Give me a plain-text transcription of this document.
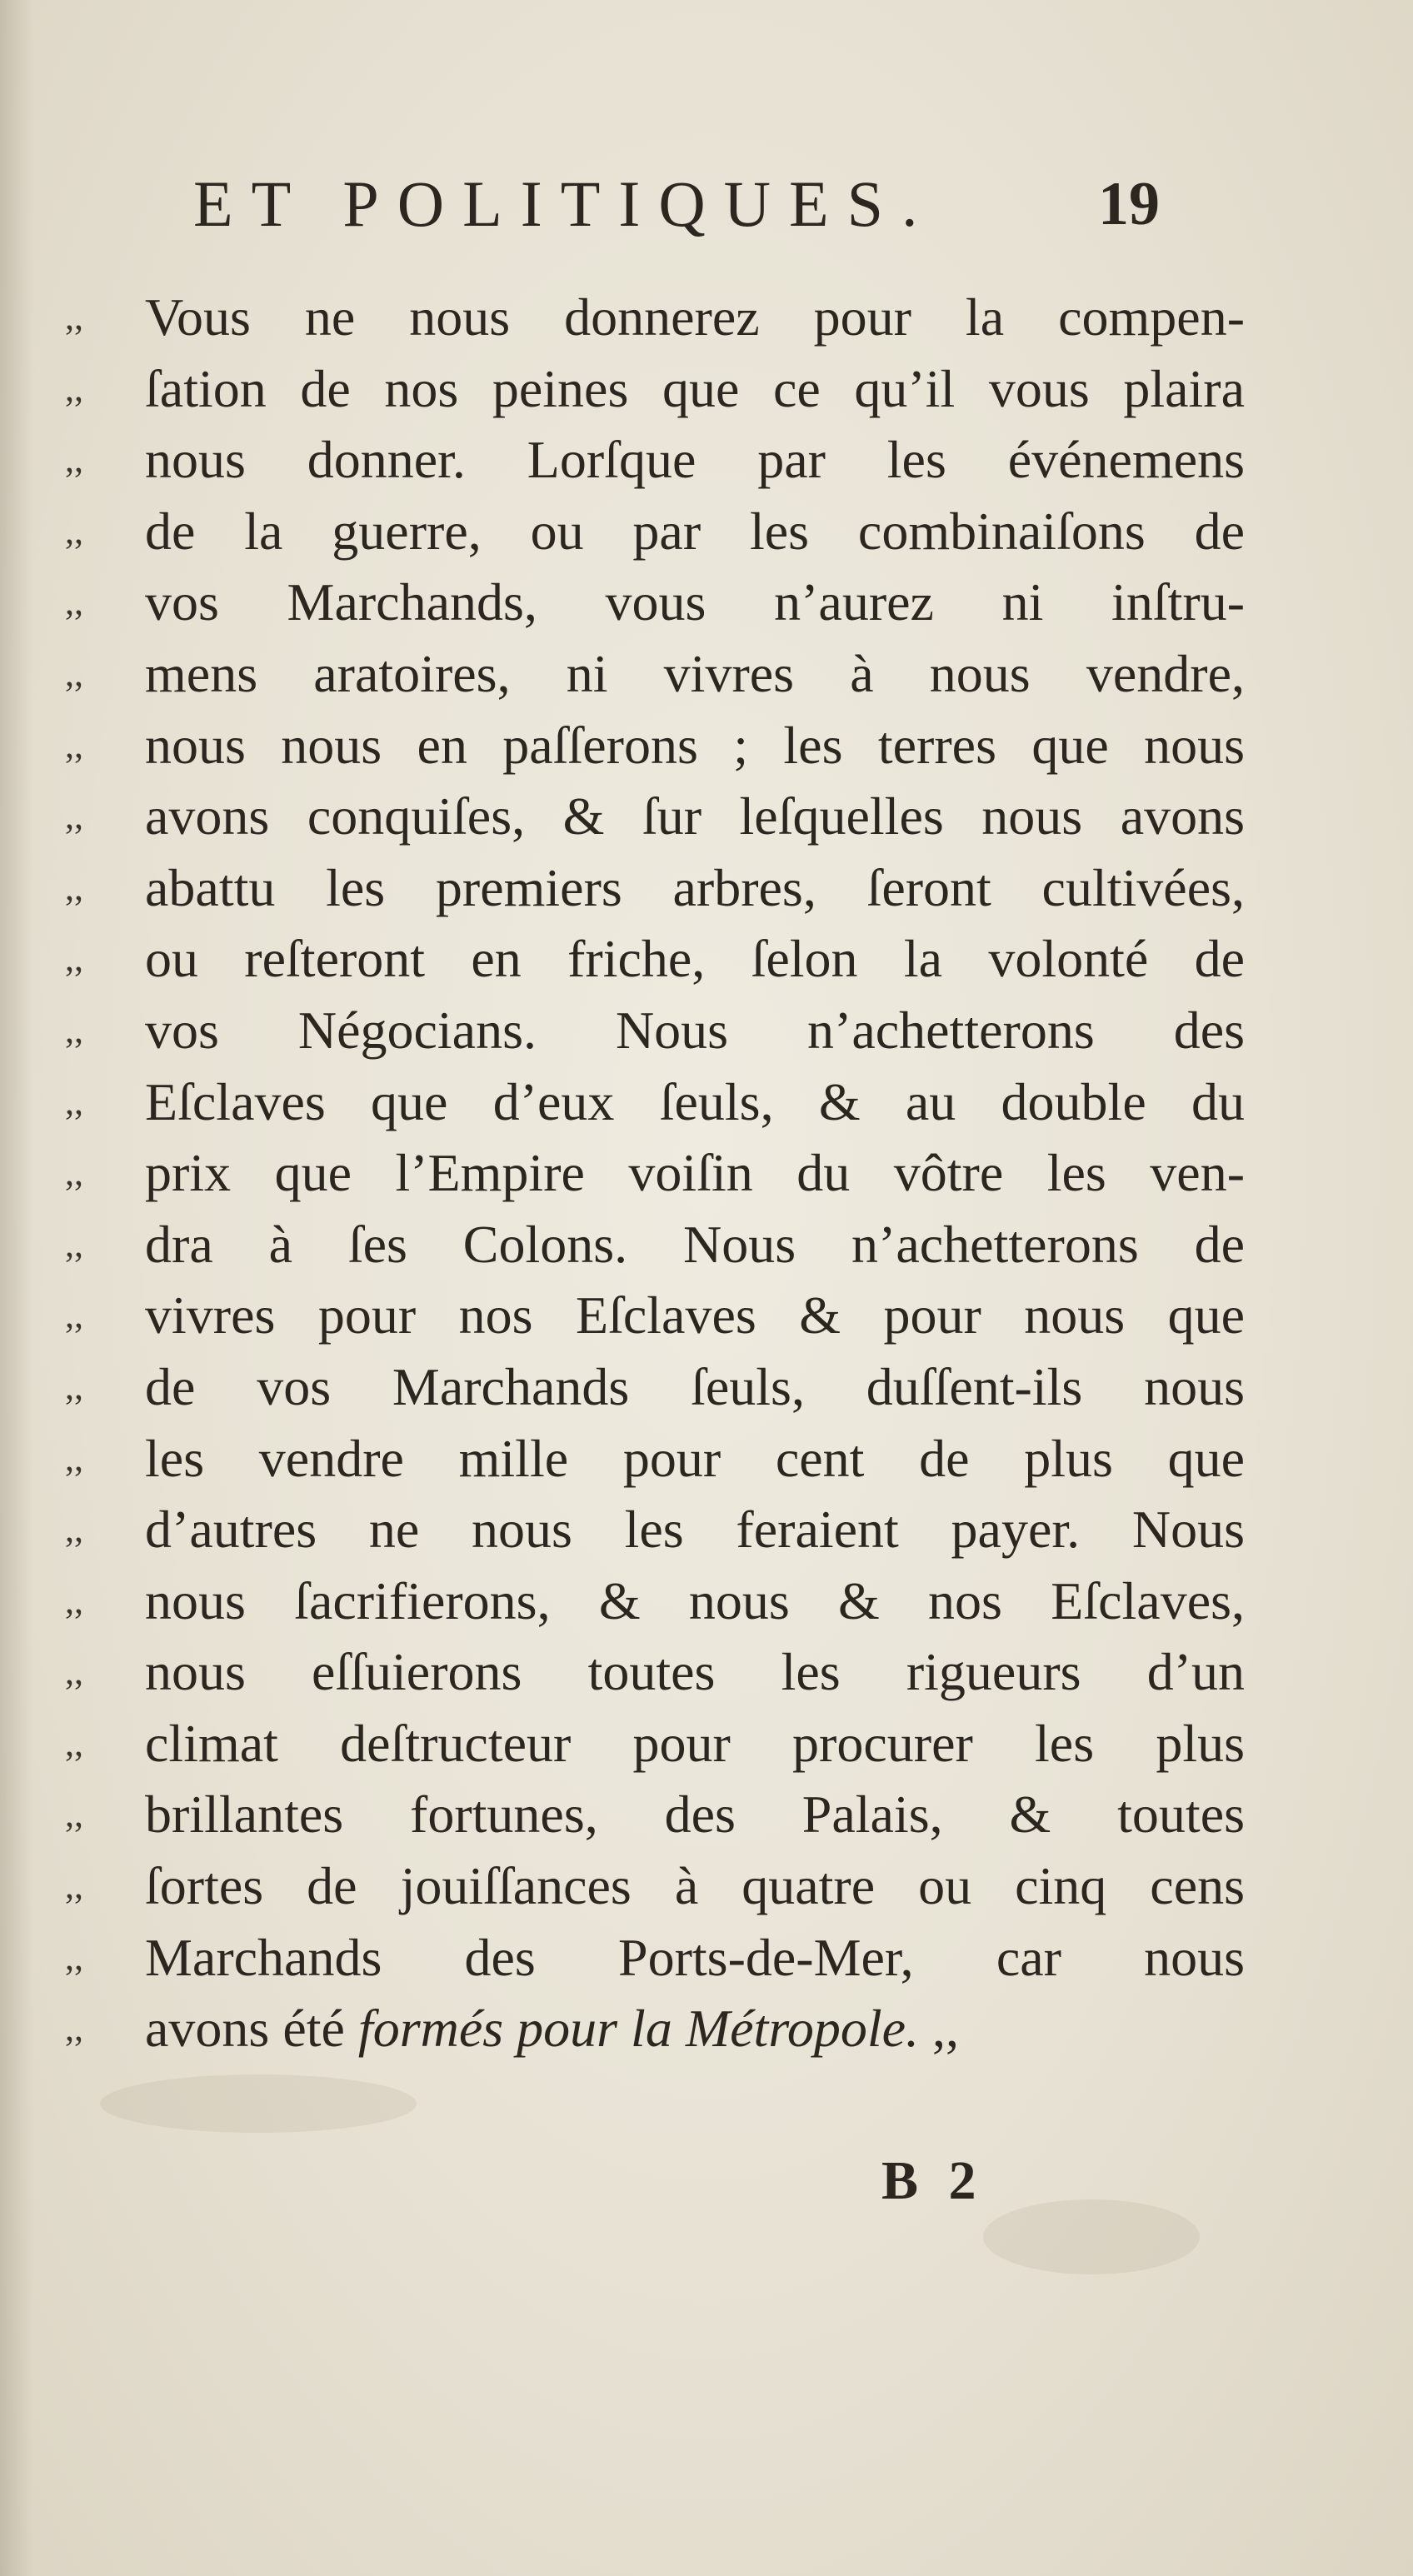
ET POLITIQUES.	19
,,	Vous ne nous donnerez pour la compen-
,,	ſation de nos peines que ce qu’il vous plaira
,,	nous donner. Lorſque par les événemens
,,	de la guerre, ou par les combinaiſons de
,,	vos Marchands, vous n’aurez ni inſtru-
,,	mens aratoires, ni vivres à nous vendre,
,,	nous nous en paſſerons ; les terres que nous
,,	avons conquiſes, & ſur leſquelles nous avons
,,	abattu les premiers arbres, ſeront cultivées,
,,	ou reſteront en friche, ſelon la volonté de
,,	vos Négocians. Nous n’achetterons des
,,	Eſclaves que d’eux ſeuls, & au double du
,,	prix que l’Empire voiſin du vôtre les ven-
,,	dra à ſes Colons. Nous n’achetterons de
,,	vivres pour nos Eſclaves & pour nous que
,,	de vos Marchands ſeuls, duſſent-ils nous
,,	les vendre mille pour cent de plus que
,,	d’autres ne nous les feraient payer. Nous
,,	nous ſacrifierons, & nous & nos Eſclaves,
,,	nous eſſuierons toutes les rigueurs d’un
,,	climat deſtructeur pour procurer les plus
,,	brillantes fortunes, des Palais, & toutes
,,	ſortes de jouiſſances à quatre ou cinq cens
,,	Marchands des Ports-de-Mer, car nous
,,	avons été formés pour la Métropole. ,,
B 2
